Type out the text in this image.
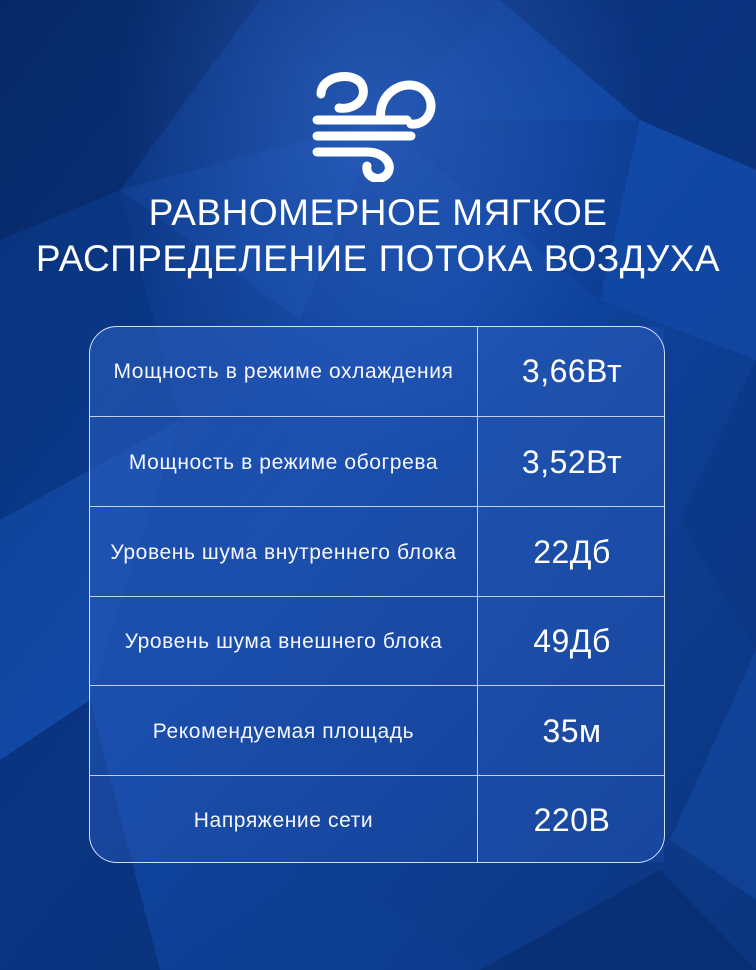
РАВНОМЕРНОЕ МЯГКОЕ
РАСПРЕДЕЛЕНИЕ ПОТОКА ВОЗДУХА
Мощность в режиме охлаждения	3,66Вт
Мощность в режиме обогрева	3,52Вт
Уровень шума внутреннего блока	22Дб
Уровень шума внешнего блока	49Дб
Рекомендуемая площадь	35м
Напряжение сети	220В
